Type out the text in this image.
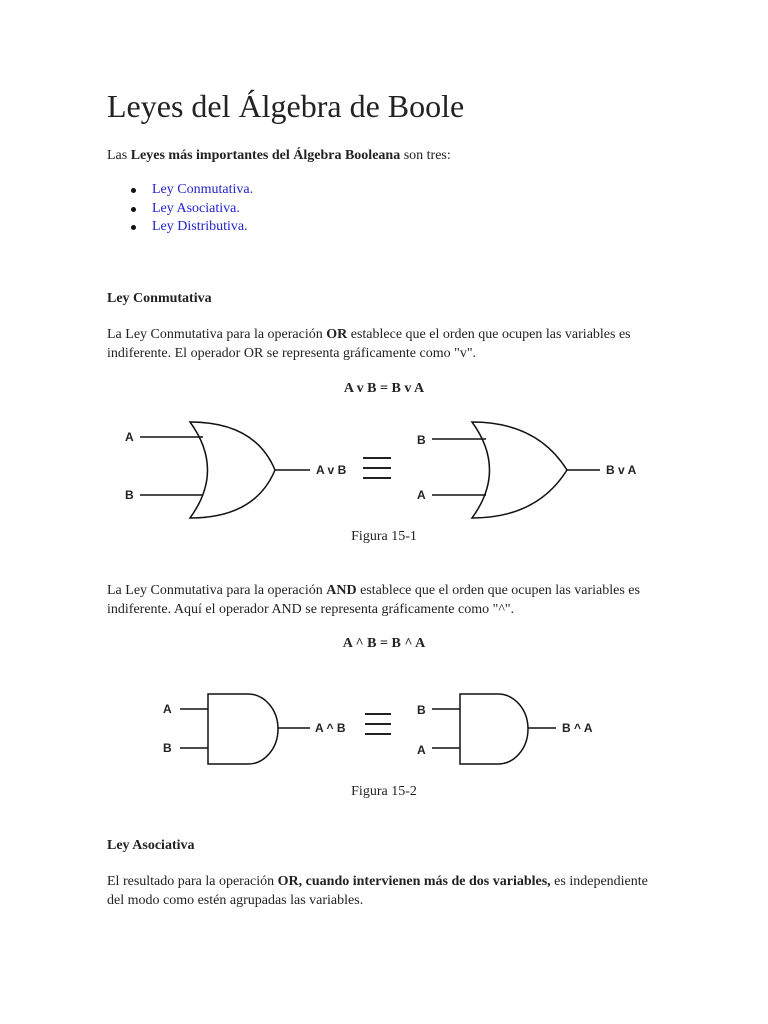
Leyes del Álgebra de Boole

Las Leyes más importantes del Álgebra Booleana son tres:

Ley Conmutativa.
Ley Asociativa.
Ley Distributiva.

Ley Conmutativa

La Ley Conmutativa para la operación OR establece que el orden que ocupen las variables es indiferente. El operador OR se representa gráficamente como "v".

A v B = B v A

A
B
A v B
B
A
B v A

Figura 15-1

La Ley Conmutativa para la operación AND establece que el orden que ocupen las variables es indiferente. Aquí el operador AND se representa gráficamente como "^".

A ^ B = B ^ A

A
B
A ^ B
B
A
B ^ A

Figura 15-2

Ley Asociativa

El resultado para la operación OR, cuando intervienen más de dos variables, es independiente del modo como estén agrupadas las variables.
